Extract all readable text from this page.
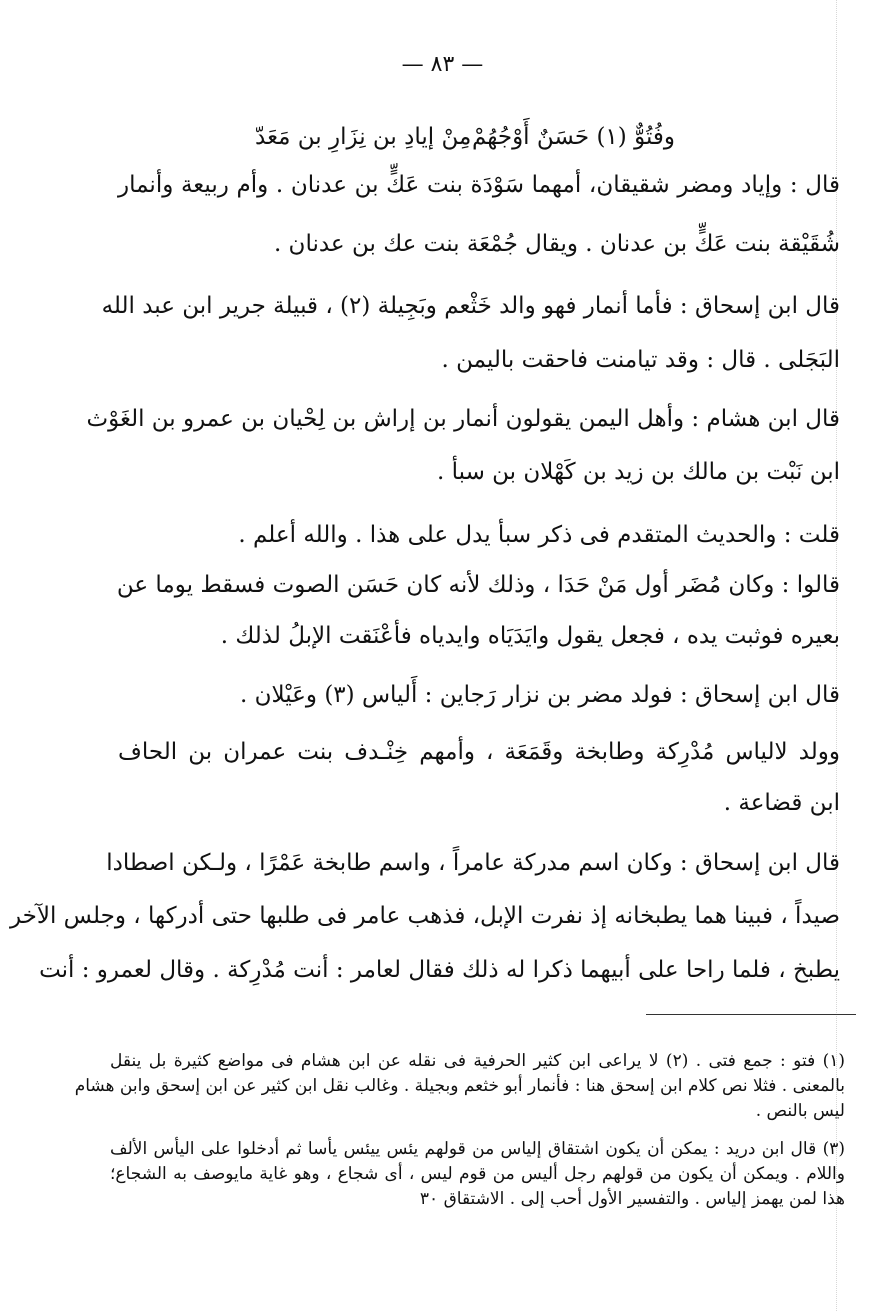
— ٨٣ —
وفُتُوٌّ (١) حَسَنٌ أَوْجُهُمْ
مِنْ إيادِ بن نِزَارِ بن مَعَدّ
قال : وإياد ومضر شقيقان، أمهما سَوْدَة بنت عَكٍّ بن عدنان . وأم ربيعة وأنمار
شُقَيْقة بنت عَكٍّ بن عدنان . ويقال جُمْعَة بنت عك بن عدنان .
قال ابن إسحاق : فأما أنمار فهو والد خَثْعم وبَجِيلة (٢) ، قبيلة جرير ابن عبد الله
البَجَلى . قال : وقد تيامنت فاحقت باليمن .
قال ابن هشام : وأهل اليمن يقولون أنمار بن إراش بن لِحْيان بن عمرو بن الغَوْث
ابن نَبْت بن مالك بن زيد بن كَهْلان بن سبأ .
قلت : والحديث المتقدم فى ذكر سبأ يدل على هذا . والله أعلم .
قالوا : وكان مُضَر أول مَنْ حَدَا ، وذلك لأنه كان حَسَن الصوت فسقط يوما عن
بعيره فوثبت يده ، فجعل يقول وايَدَيَاه وايدياه فأعْنَقت الإبلُ لذلك .
قال ابن إسحاق : فولد مضر بن نزار رَجاين : أَلياس (٣) وعَيْلان .
وولد لالياس مُدْرِكة وطابخة وقَمَعَة ، وأمهم خِنْـدف بنت عمران بن الحاف
ابن قضاعة .
قال ابن إسحاق : وكان اسم مدركة عامراً ، واسم طابخة عَمْرًا ، ولـكن اصطادا
صيداً ، فبينا هما يطبخانه إذ نفرت الإبل، فذهب عامر فى طلبها حتى أدركها ، وجلس الآخر
يطبخ ، فلما راحا على أبيهما ذكرا له ذلك فقال لعامر : أنت مُدْرِكة . وقال لعمرو : أنت
(١) فتو : جمع فتى . (٢) لا يراعى ابن كثير الحرفية فى نقله عن ابن هشام فى مواضع كثيرة بل ينقل
بالمعنى . فثلا نص كلام ابن إسحق هنا : فأنمار أبو خثعم وبجيلة . وغالب نقل ابن كثير عن ابن إسحق وابن هشام
ليس بالنص .
(٣) قال ابن دريد : يمكن أن يكون اشتقاق إلياس من قولهم يئس ييئس يأسا ثم أدخلوا على اليأس الألف
واللام . ويمكن أن يكون من قولهم رجل أليس من قوم ليس ، أى شجاع ، وهو غاية مايوصف به الشجاع؛
هذا لمن يهمز إلياس . والتفسير الأول أحب إلى . الاشتقاق ٣٠
